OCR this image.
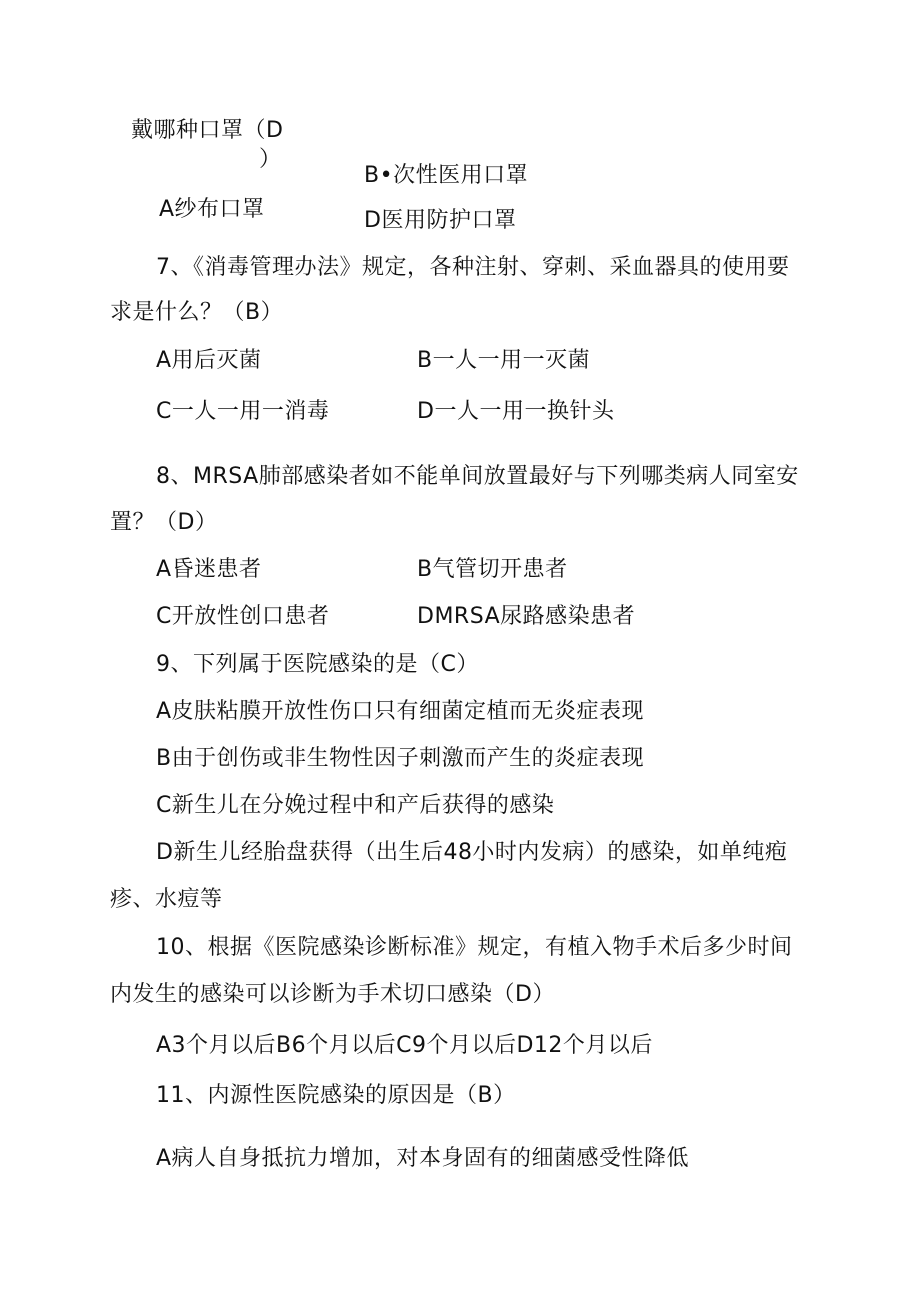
戴哪种口罩（D
）
B•次性医用口罩
A纱布口罩	D医用防护口罩
7、《消毒管理办法》规定，各种注射、穿刺、采血器具的使用要
求是什么？（B）
A用后灭菌	B一人一用一灭菌
C一人一用一消毒	D一人一用一换针头
8、MRSA肺部感染者如不能单间放置最好与下列哪类病人同室安
置？（D）
A昏迷患者	B气管切开患者
C开放性创口患者	DMRSA尿路感染患者
9、下列属于医院感染的是（C）
A皮肤粘膜开放性伤口只有细菌定植而无炎症表现
B由于创伤或非生物性因子刺激而产生的炎症表现
C新生儿在分娩过程中和产后获得的感染
D新生儿经胎盘获得（出生后48小时内发病）的感染，如单纯疱
疹、水痘等
10、根据《医院感染诊断标准》规定，有植入物手术后多少时间
内发生的感染可以诊断为手术切口感染（D）
A3个月以后B6个月以后C9个月以后D12个月以后
11、内源性医院感染的原因是（B）
A病人自身抵抗力增加，对本身固有的细菌感受性降低
